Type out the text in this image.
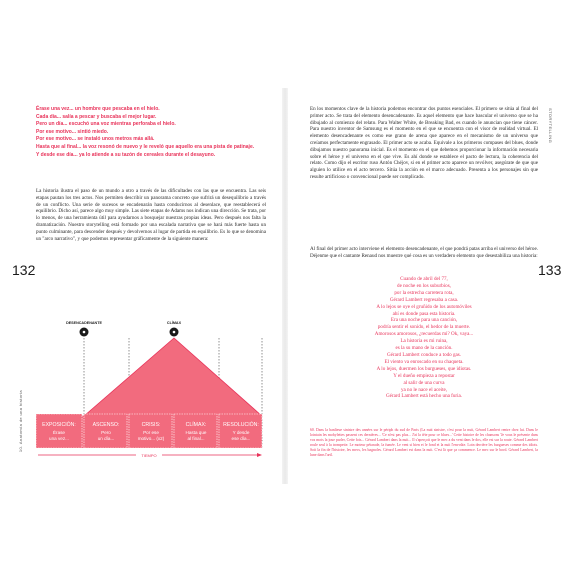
10. Anatomía de una historia
132
Érase una vez... un hombre que pescaba en el hielo.
Cada día... salía a pescar y buscaba el mejor lugar.
Pero un día... escuchó una voz mientras perforaba el hielo.
Por ese motivo... sintió miedo.
Por ese motivo... se instaló unos metros más allá.
Hasta que al final... la voz resonó de nuevo y le reveló que aquello era una pista de patinaje.
Y desde ese día... ya lo atiende a su tazón de cereales durante el desayuno.
La historia ilustra el paso de un mundo a otro a través de las dificultades con las que se encuentra. Las seis etapas pautan los tres actos. Nos permiten describir un panorama concreto que sufrirá un desequilibrio a través de un conflicto. Una serie de sucesos se encadenarán hasta conducirnos al desenlace, que reestablecerá el equilibrio. Dicho así, parece algo muy simple. Las siete etapas de Adams nos indican una dirección. Se trata, por lo menos, de una herramienta útil para ayudarnos a bosquejar nuestras propias ideas. Pero después nos falta la dramatización. Nuestro storytelling está formado por una escalada narrativa que se hará más fuerte hasta un punto culminante, para descender después y devolvernos al lugar de partida en equilibrio. Es lo que se denomina un "arco narrativo", y que podemos representar gráficamente de la siguiente manera:
EXPOSICIÓN:
Érase
una vez...
ASCENSO:
Pero
un día...
CRISIS:
Por ese
motivo... (x2)
CLÍMAX:
Hasta que
al final...
RESOLUCIÓN:
Y desde
ese día...
DESENCADENANTE	CLÍMAX
TIEMPO
STORYTELLING
133
En los momentos clave de la historia podemos encontrar dos puntos esenciales. El primero se sitúa al final del primer acto. Se trata del elemento desencadenante. Es aquel elemento que hace bascular el universo que se ha dibujado al comienzo del relato. Para Walter White, de Breaking Bad, es cuando le anuncian que tiene cáncer. Para nuestro inventor de Samsung es el momento en el que se encuentra con el visor de realidad virtual. El elemento desencadenante es como ese grano de arena que aparece en el mecanismo de un universo que creíamos perfectamente engrasado. El primer acto se acaba. Equivale a los primeros compases del blues, donde dibujamos nuestro panorama inicial. Es el momento en el que debemos proporcionar la información necesaria sobre el héroe y el universo en el que vive. Es ahí donde se establece el pacto de lectura, la coherencia del relato. Como dijo el escritor ruso Antón Chéjov, si en el primer acto aparece un revólver, asegúrate de que que alguien lo utilice en el acto tercero. Sitúa la acción en el marco adecuado. Presenta a los personajes sin que resulte artificioso o convencional puede ser complicado.
Al final del primer acto interviene el elemento desencadenante, el que pondrá patas arriba el universo del héroe. Déjenme que el cantante Renaud nos muestre qué cosa es un verdadero elemento que desestabiliza una historia:
Cuando de abril del 77,
de noche en los suburbios,
por la estrecha carretera rota,
Gérard Lambert regresaba a casa.
A lo lejos se oye el gruñido de los automóviles
ahí es donde pasa esta historia.
Era una noche para una canción,
podría sentir el sonido, el hedor de la muerte.
Amorosos amorosos, ¿recuerdas mi? Ok, vaya...
La historia es mi ruina,
es la su mano de la canción.
Gérard Lambert conduce a todo gas.
El viento va enroscado en su chaqueta.
A lo lejos, duermen los burgueses, que idiotas.
Y el dueño empieza a repostar
al salir de una curva
ya no le nace el aceite,
Gérard Lambert está hecho una furia.
60. Dans la banlieue sinistre des années sur le périph du sud de Paris (La nuit sinistre, c'est pour la nuit, Gérard Lambert rentre chez lui. Dans le lointain les mobylettes passent ces dernières... 'Ce n'est pas plus... J'ai la tête pour ce blues...' Cette histoire de les chansons 'Je vous le présente dans vos mots la joue parler, Cette fois... Gérard Lambert dans la nuit... Il s'aperçoit que le mec a du vent dans le dos, elle est sur la route. Gérard Lambert roule seul à la trompette. Le moteur pétarade, la fumée. Le vent si bien et le fond et la nuit l'envoûte. Loin derrière les burgueses comme des idiots. Soit la fin de l'histoire, les mecs, les bagnoles. Gérard Lambert est dans la nuit. C'est là que ça commence. Le mec sur le bord. Gérard Lambert, la lune dans l'œil.
